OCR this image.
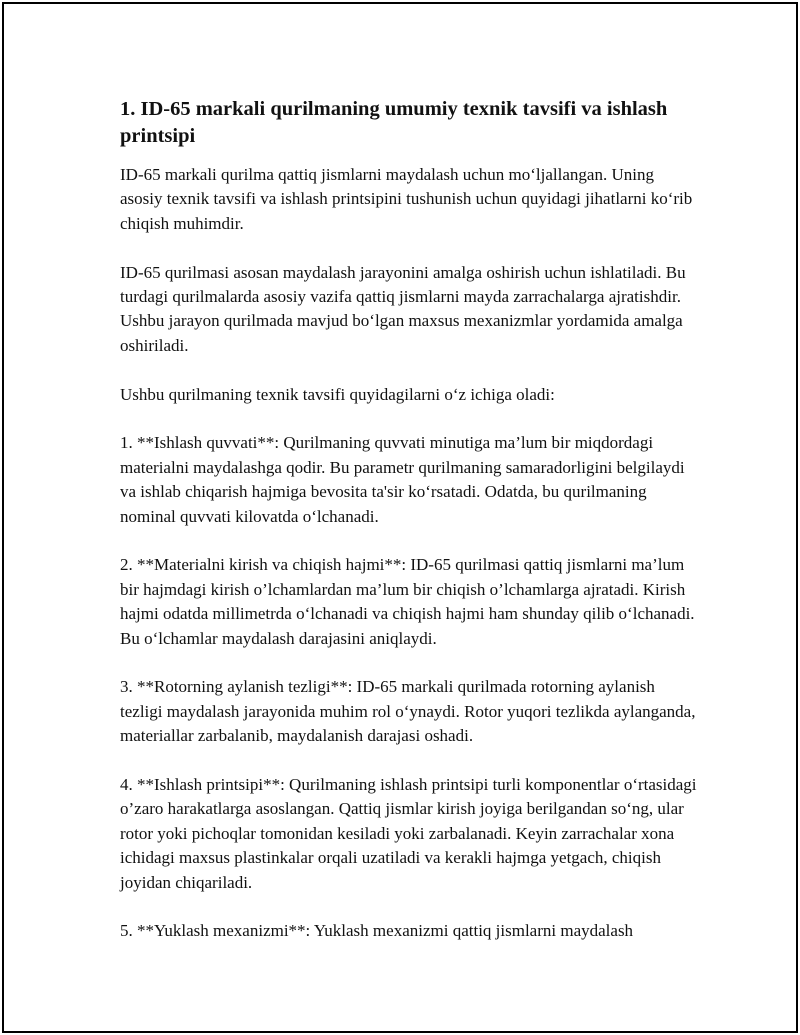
1. ID-65 markali qurilmaning umumiy texnik tavsifi va ishlash printsipi

ID-65 markali qurilma qattiq jismlarni maydalash uchun mo‘ljallangan. Uning asosiy texnik tavsifi va ishlash printsipini tushunish uchun quyidagi jihatlarni ko‘rib chiqish muhimdir.

ID-65 qurilmasi asosan maydalash jarayonini amalga oshirish uchun ishlatiladi. Bu turdagi qurilmalarda asosiy vazifa qattiq jismlarni mayda zarrachalarga ajratishdir. Ushbu jarayon qurilmada mavjud bo‘lgan maxsus mexanizmlar yordamida amalga oshiriladi.

Ushbu qurilmaning texnik tavsifi quyidagilarni o‘z ichiga oladi:

1. **Ishlash quvvati**: Qurilmaning quvvati minutiga ma’lum bir miqdordagi materialni maydalashga qodir. Bu parametr qurilmaning samaradorligini belgilaydi va ishlab chiqarish hajmiga bevosita ta'sir ko‘rsatadi. Odatda, bu qurilmaning nominal quvvati kilovatda o‘lchanadi.

2. **Materialni kirish va chiqish hajmi**: ID-65 qurilmasi qattiq jismlarni ma’lum bir hajmdagi kirish o’lchamlardan ma’lum bir chiqish o’lchamlarga ajratadi. Kirish hajmi odatda millimetrda o‘lchanadi va chiqish hajmi ham shunday qilib o‘lchanadi. Bu o‘lchamlar maydalash darajasini aniqlaydi.

3. **Rotorning aylanish tezligi**: ID-65 markali qurilmada rotorning aylanish tezligi maydalash jarayonida muhim rol o‘ynaydi. Rotor yuqori tezlikda aylanganda, materiallar zarbalanib, maydalanish darajasi oshadi.

4. **Ishlash printsipi**: Qurilmaning ishlash printsipi turli komponentlar o‘rtasidagi o’zaro harakatlarga asoslangan. Qattiq jismlar kirish joyiga berilgandan so‘ng, ular rotor yoki pichoqlar tomonidan kesiladi yoki zarbalanadi. Keyin zarrachalar xona ichidagi maxsus plastinkalar orqali uzatiladi va kerakli hajmga yetgach, chiqish joyidan chiqariladi.

5. **Yuklash mexanizmi**: Yuklash mexanizmi qattiq jismlarni maydalash
